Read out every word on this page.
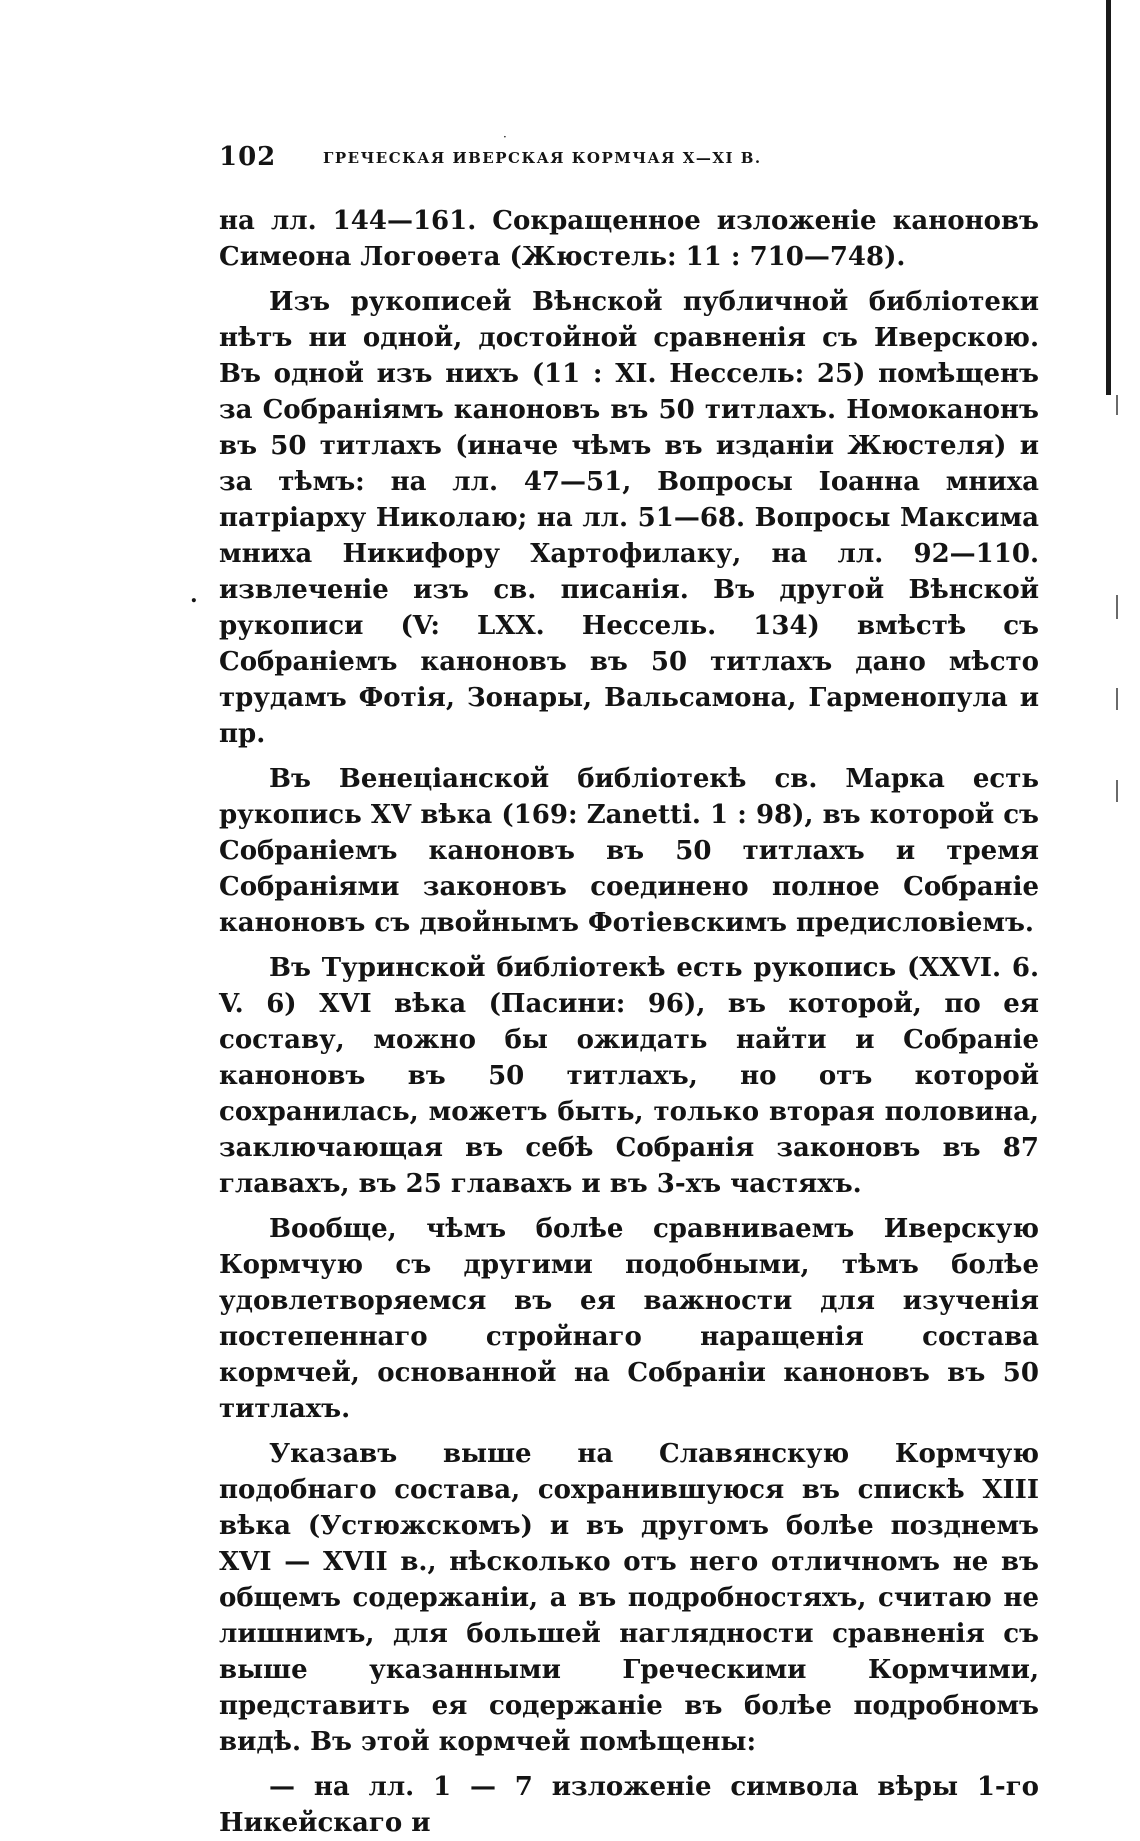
102
·
ГРЕЧЕСКАЯ ИВЕРСКАЯ КОРМЧАЯ X—XI В.
.

на лл. 144—161. Сокращенное изложеніе каноновъ Симеона Логоѳета (Жюстель: 11 : 710—748).

Изъ рукописей Вѣнской публичной библіотеки нѣтъ ни одной, достойной сравненія съ Иверскою. Въ одной изъ нихъ (11 : XI. Нессель: 25) помѣщенъ за Собраніямъ каноновъ въ 50 титлахъ. Номоканонъ въ 50 титлахъ (иначе чѣмъ въ изданіи Жюстеля) и за тѣмъ: на лл. 47—51, Вопросы Іоанна мниха патріарху Николаю; на лл. 51—68. Вопросы Максима мниха Никифору Хартофилаку, на лл. 92—110. извлеченіе изъ св. писанія. Въ другой Вѣнской рукописи (V: LXX. Нессель. 134) вмѣстѣ съ Собраніемъ каноновъ въ 50 титлахъ дано мѣсто трудамъ Фотія, Зонары, Вальсамона, Гарменопула и пр.

Въ Венеціанской библіотекѣ св. Марка есть рукопись XV вѣка (169: Zanetti. 1 : 98), въ которой съ Собраніемъ каноновъ въ 50 титлахъ и тремя Собраніями законовъ соединено полное Собраніе каноновъ съ двойнымъ Фотіевскимъ предисловіемъ.

Въ Туринской библіотекѣ есть рукопись (XXVI. 6. V. 6) XVI вѣка (Пасини: 96), въ которой, по ея составу, можно бы ожидать найти и Собраніе каноновъ въ 50 титлахъ, но отъ которой сохранилась, можетъ быть, только вторая половина, заключающая въ себѣ Собранія законовъ въ 87 главахъ, въ 25 главахъ и въ 3-хъ частяхъ.

Вообще, чѣмъ болѣе сравниваемъ Иверскую Кормчую съ другими подобными, тѣмъ болѣе удовлетворяемся въ ея важности для изученія постепеннаго стройнаго наращенія состава кормчей, основанной на Собраніи каноновъ въ 50 титлахъ.

Указавъ выше на Славянскую Кормчую подобнаго состава, сохранившуюся въ спискѣ XIII вѣка (Устюжскомъ) и въ другомъ болѣе позднемъ XVI — XVII в., нѣсколько отъ него отличномъ не въ общемъ содержаніи, а въ подробностяхъ, считаю не лишнимъ, для большей наглядности сравненія съ выше указанными Греческими Кормчими, представить ея содержаніе въ болѣе подробномъ видѣ. Въ этой кормчей помѣщены:

— на лл. 1 — 7 изложеніе символа вѣры 1-го Никейскаго и
